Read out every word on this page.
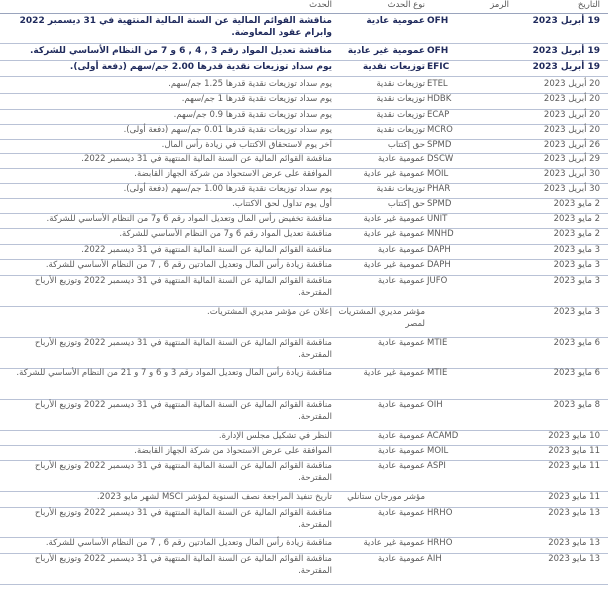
التاريخ
الرمز
نوع الحدث
الحدث
19 أبريل 2023
OFH
عمومية عادية
مناقشة القوائم المالية عن السنة المالية المنتهية في 31 ديسمبر 2022 وابرام عقود المعاوضة.
19 أبريل 2023
OFH
عمومية غير عادية
مناقشة تعديل المواد رقم 3 , 4 , 6 و 7 من النظام الأساسي للشركة.
19 أبريل 2023
EFIC
توزيعات نقدية
يوم سداد توزيعات نقدية قدرها 2.00 جم/سهم (دفعة أولى).
20 أبريل 2023
ETEL
توزيعات نقدية
يوم سداد توزيعات نقدية قدرها 1.25 جم/سهم.
20 أبريل 2023
HDBK
توزيعات نقدية
يوم سداد توزيعات نقدية قدرها 1 جم/سهم.
20 أبريل 2023
ECAP
توزيعات نقدية
يوم سداد توزيعات نقدية قدرها 0.9 جم/سهم.
20 أبريل 2023
MCRO
توزيعات نقدية
يوم سداد توزيعات نقدية قدرها 0.01 جم/سهم (دفعة أولى).
26 أبريل 2023
SPMD
حق إكتتاب
آخر يوم لاستحقاق الاكتتاب في زيادة رأس المال.
29 أبريل 2023
DSCW
عمومية عادية
مناقشة القوائم المالية عن السنة المالية المنتهية في 31 ديسمبر 2022.
30 أبريل 2023
MOIL
عمومية غير عادية
الموافقة على عرض الاستحواذ من شركة الجهاز القابضة.
30 أبريل 2023
PHAR
توزيعات نقدية
يوم سداد توزيعات نقدية قدرها 1.00 جم/سهم (دفعة أولى).
2 مايو 2023
SPMD
حق إكتتاب
أول يوم تداول لحق الاكتتاب.
2 مايو 2023
UNIT
عمومية غير عادية
مناقشة تخفيض رأس المال وتعديل المواد رقم 6 و7 من النظام الأساسي للشركة.
2 مايو 2023
MNHD
عمومية غير عادية
مناقشة تعديل المواد رقم 6 و7 من النظام الأساسي للشركة.
3 مايو 2023
DAPH
عمومية عادية
مناقشة القوائم المالية عن السنة المالية المنتهية في 31 ديسمبر 2022.
3 مايو 2023
DAPH
عمومية غير عادية
مناقشة زيادة رأس المال وتعديل المادتين رقم 6 , 7 من النظام الأساسي للشركة.
3 مايو 2023
JUFO
عمومية عادية
مناقشة القوائم المالية عن السنة المالية المنتهية في 31 ديسمبر 2022 وتوزيع الأرباح المقترحة.
3 مايو 2023
مؤشر مديري المشتريات لمصر
إعلان عن مؤشر مديري المشتريات.
6 مايو 2023
MTIE
عمومية عادية
مناقشة القوائم المالية عن السنة المالية المنتهية في 31 ديسمبر 2022 وتوزيع الأرباح المقترحة.
6 مايو 2023
MTIE
عمومية غير عادية
مناقشة زيادة رأس المال وتعديل المواد رقم 3 و 6 و 7 و 21 من النظام الأساسي للشركة.
8 مايو 2023
OIH
عمومية عادية
مناقشة القوائم المالية عن السنة المالية المنتهية في 31 ديسمبر 2022 وتوزيع الأرباح المقترحة.
10 مايو 2023
ACAMD
عمومية عادية
النظر في تشكيل مجلس الإدارة.
11 مايو 2023
MOIL
عمومية عادية
الموافقة على عرض الاستحواذ من شركة الجهاز القابضة.
11 مايو 2023
ASPI
عمومية عادية
مناقشة القوائم المالية عن السنة المالية المنتهية في 31 ديسمبر 2022 وتوزيع الأرباح المقترحة.
11 مايو 2023
مؤشر مورجان ستانلي
تاريخ تنفيذ المراجعة نصف السنوية لمؤشر MSCI لشهر مايو 2023.
13 مايو 2023
HRHO
عمومية عادية
مناقشة القوائم المالية عن السنة المالية المنتهية في 31 ديسمبر 2022 وتوزيع الأرباح المقترحة.
13 مايو 2023
HRHO
عمومية غير عادية
مناقشة زيادة رأس المال وتعديل المادتين رقم 6 , 7 من النظام الأساسي للشركة.
13 مايو 2023
AIH
عمومية عادية
مناقشة القوائم المالية عن السنة المالية المنتهية في 31 ديسمبر 2022 وتوزيع الأرباح المقترحة.
